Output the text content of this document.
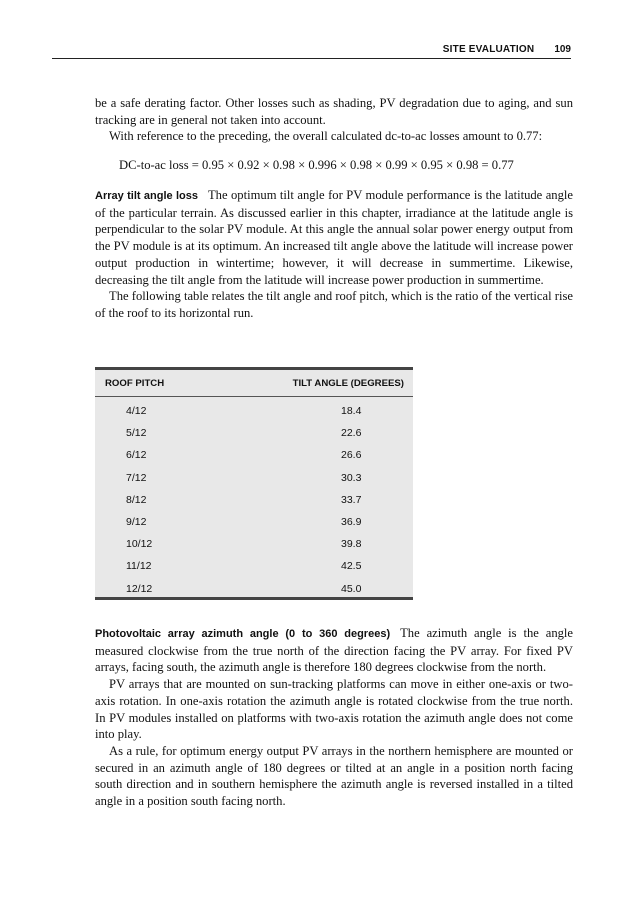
SITE EVALUATION 109

be a safe derating factor. Other losses such as shading, PV degradation due to aging, and sun tracking are in general not taken into account.

With reference to the preceding, the overall calculated dc-to-ac losses amount to 0.77:

DC-to-ac loss = 0.95 × 0.92 × 0.98 × 0.996 × 0.98 × 0.99 × 0.95 × 0.98 = 0.77

Array tilt angle loss The optimum tilt angle for PV module performance is the latitude angle of the particular terrain. As discussed earlier in this chapter, irradiance at the latitude angle is perpendicular to the solar PV module. At this angle the annual solar power energy output from the PV module is at its optimum. An increased tilt angle above the latitude will increase power output production in wintertime; however, it will decrease in summertime. Likewise, decreasing the tilt angle from the latitude will increase power production in summertime.

The following table relates the tilt angle and roof pitch, which is the ratio of the vertical rise of the roof to its horizontal run.

ROOF PITCH	TILT ANGLE (DEGREES)
4/12	18.4
5/12	22.6
6/12	26.6
7/12	30.3
8/12	33.7
9/12	36.9
10/12	39.8
11/12	42.5
12/12	45.0

Photovoltaic array azimuth angle (0 to 360 degrees) The azimuth angle is the angle measured clockwise from the true north of the direction facing the PV array. For fixed PV arrays, facing south, the azimuth angle is therefore 180 degrees clockwise from the north.

PV arrays that are mounted on sun-tracking platforms can move in either one-axis or two-axis rotation. In one-axis rotation the azimuth angle is rotated clockwise from the true north. In PV modules installed on platforms with two-axis rotation the azimuth angle does not come into play.

As a rule, for optimum energy output PV arrays in the northern hemisphere are mounted or secured in an azimuth angle of 180 degrees or tilted at an angle in a position north facing south direction and in southern hemisphere the azimuth angle is reversed installed in a tilted angle in a position south facing north.
